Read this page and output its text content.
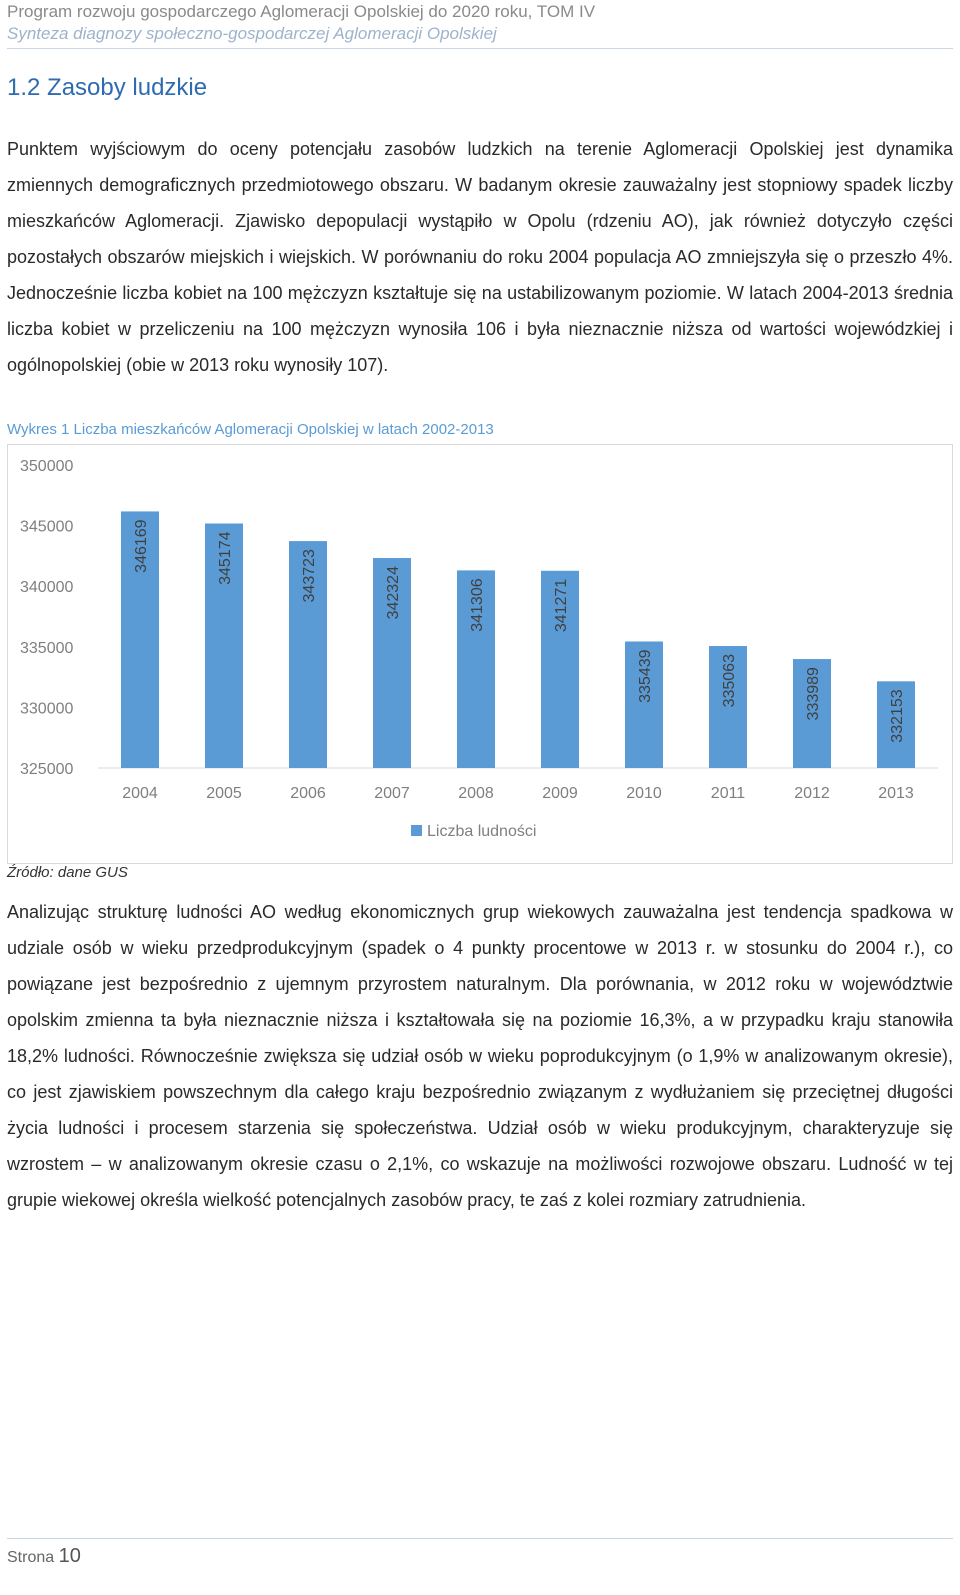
Program rozwoju gospodarczego Aglomeracji Opolskiej do 2020 roku, TOM IV
Synteza diagnozy społeczno-gospodarczej Aglomeracji Opolskiej
1.2 Zasoby ludzkie

Punktem wyjściowym do oceny potencjału zasobów ludzkich na terenie Aglomeracji Opolskiej jest dynamika zmiennych demograficznych przedmiotowego obszaru. W badanym okresie zauważalny jest stopniowy spadek liczby mieszkańców Aglomeracji. Zjawisko depopulacji wystąpiło w Opolu (rdzeniu AO), jak również dotyczyło części pozostałych obszarów miejskich i wiejskich. W porównaniu do roku 2004 populacja AO zmniejszyła się o przeszło 4%. Jednocześnie liczba kobiet na 100 mężczyzn kształtuje się na ustabilizowanym poziomie. W latach 2004-2013 średnia liczba kobiet w przeliczeniu na 100 mężczyzn wynosiła 106 i była nieznacznie niższa od wartości wojewódzkiej i ogólnopolskiej (obie w 2013 roku wynosiły 107).

Wykres 1 Liczba mieszkańców Aglomeracji Opolskiej w latach 2002-2013
325000
330000
335000
340000
345000
350000
346169
2004
345174
2005
343723
2006
342324
2007
341306
2008
341271
2009
335439
2010
335063
2011
333989
2012
332153
2013
Liczba ludności
Źródło: dane GUS

Analizując strukturę ludności AO według ekonomicznych grup wiekowych zauważalna jest tendencja spadkowa w udziale osób w wieku przedprodukcyjnym (spadek o 4 punkty procentowe w 2013 r. w stosunku do 2004 r.), co powiązane jest bezpośrednio z ujemnym przyrostem naturalnym. Dla porównania, w 2012 roku w województwie opolskim zmienna ta była nieznacznie niższa i kształtowała się na poziomie 16,3%, a w przypadku kraju stanowiła 18,2% ludności. Równocześnie zwiększa się udział osób w wieku poprodukcyjnym (o 1,9% w analizowanym okresie), co jest zjawiskiem powszechnym dla całego kraju bezpośrednio związanym z wydłużaniem się przeciętnej długości życia ludności i procesem starzenia się społeczeństwa. Udział osób w wieku produkcyjnym, charakteryzuje się wzrostem – w analizowanym okresie czasu o 2,1%, co wskazuje na możliwości rozwojowe obszaru. Ludność w tej grupie wiekowej określa wielkość potencjalnych zasobów pracy, te zaś z kolei rozmiary zatrudnienia.

Strona 10
